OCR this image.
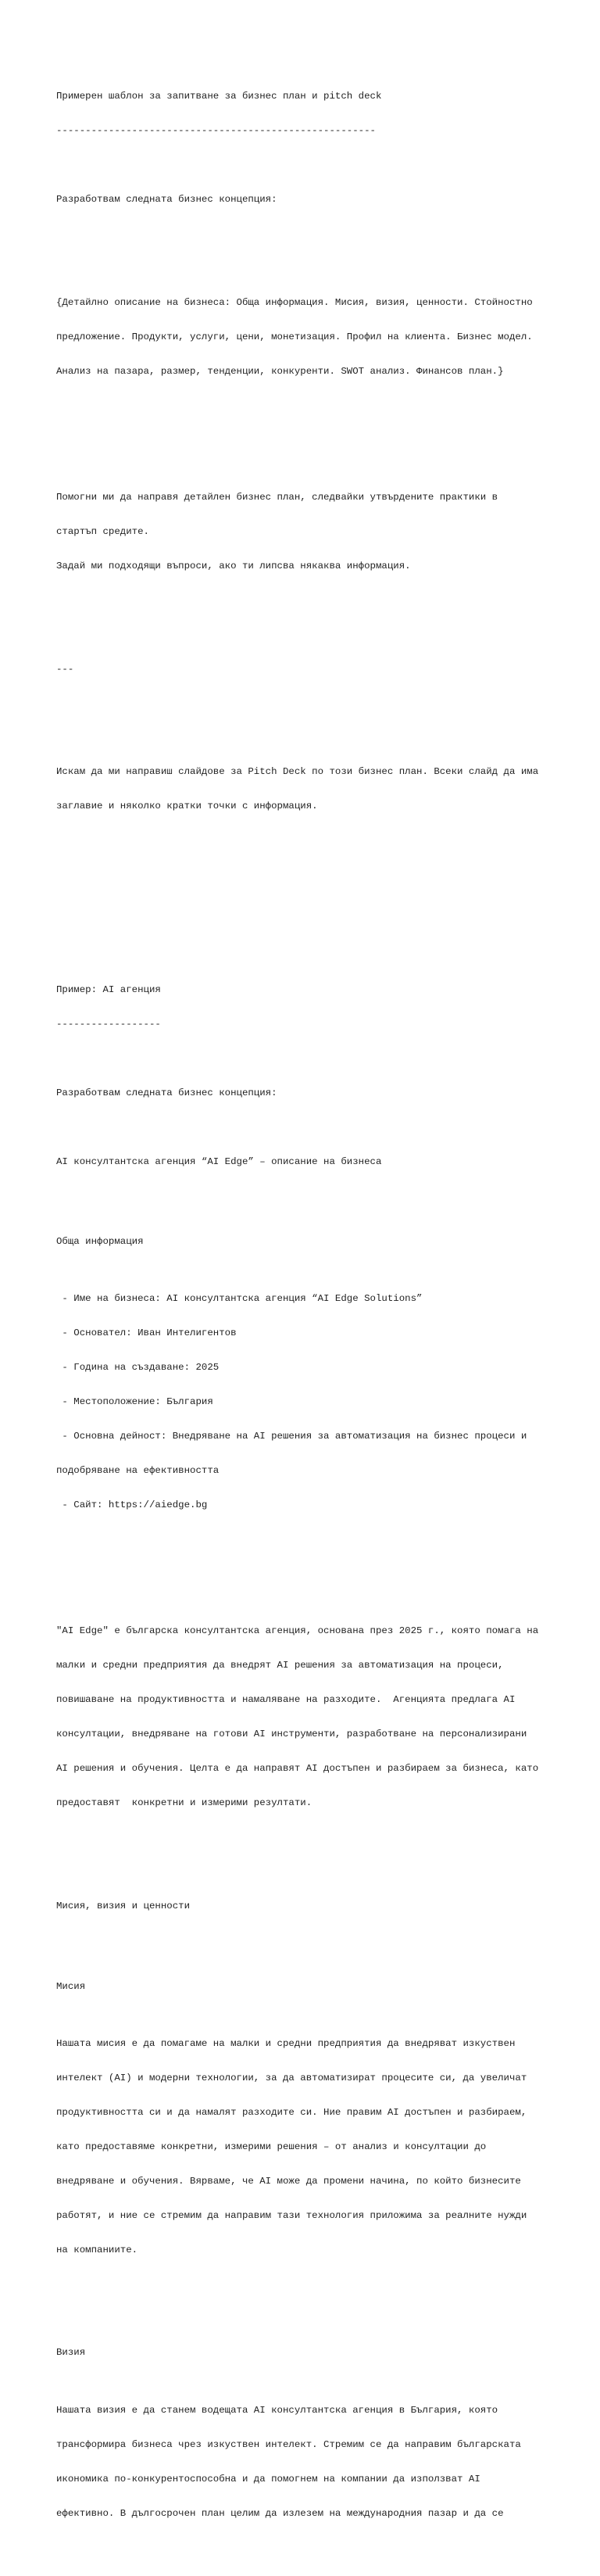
Примерен шаблон за запитване за бизнес план и pitch deck

-------------------------------------------------------

Разработвам следната бизнес концепция:

{Детайлно описание на бизнеса: Обща информация. Мисия, визия, ценности. Стойностно

предложение. Продукти, услуги, цени, монетизация. Профил на клиента. Бизнес модел.

Анализ на пазара, размер, тенденции, конкуренти. SWOT анализ. Финансов план.}

Помогни ми да направя детайлен бизнес план, следвайки утвърдените практики в

стартъп средите.

Задай ми подходящи въпроси, ако ти липсва някаква информация.

---

Искам да ми направиш слайдове за Pitch Deck по този бизнес план. Всеки слайд да има

заглавие и няколко кратки точки с информация.

Пример: AI агенция

------------------

Разработвам следната бизнес концепция:

AI консултантска агенция “AI Edge” – описание на бизнеса

Обща информация

- Име на бизнеса: AI консултантска агенция “AI Edge Solutions”

- Основател: Иван Интелигентов

- Година на създаване: 2025

- Местоположение: България

- Основна дейност: Внедряване на AI решения за автоматизация на бизнес процеси и

подобряване на ефективността

- Сайт: https://aiedge.bg

"AI Edge" е българска консултантска агенция, основана през 2025 г., която помага на

малки и средни предприятия да внедрят AI решения за автоматизация на процеси,

повишаване на продуктивността и намаляване на разходите.  Агенцията предлага AI

консултации, внедряване на готови AI инструменти, разработване на персонализирани

AI решения и обучения. Целта е да направят AI достъпен и разбираем за бизнеса, като

предоставят  конкретни и измерими резултати.

Мисия, визия и ценности

Мисия

Нашата мисия е да помагаме на малки и средни предприятия да внедряват изкуствен

интелект (AI) и модерни технологии, за да автоматизират процесите си, да увеличат

продуктивността си и да намалят разходите си. Ние правим AI достъпен и разбираем,

като предоставяме конкретни, измерими решения – от анализ и консултации до

внедряване и обучения. Вярваме, че AI може да промени начина, по който бизнесите

работят, и ние се стремим да направим тази технология приложима за реалните нужди

на компаниите.

Визия

Нашата визия е да станем водещата AI консултантска агенция в България, която

трансформира бизнеса чрез изкуствен интелект. Стремим се да направим българската

икономика по-конкурентоспособна и да помогнем на компании да използват AI

ефективно. В дългосрочен план целим да излезем на международния пазар и да се
